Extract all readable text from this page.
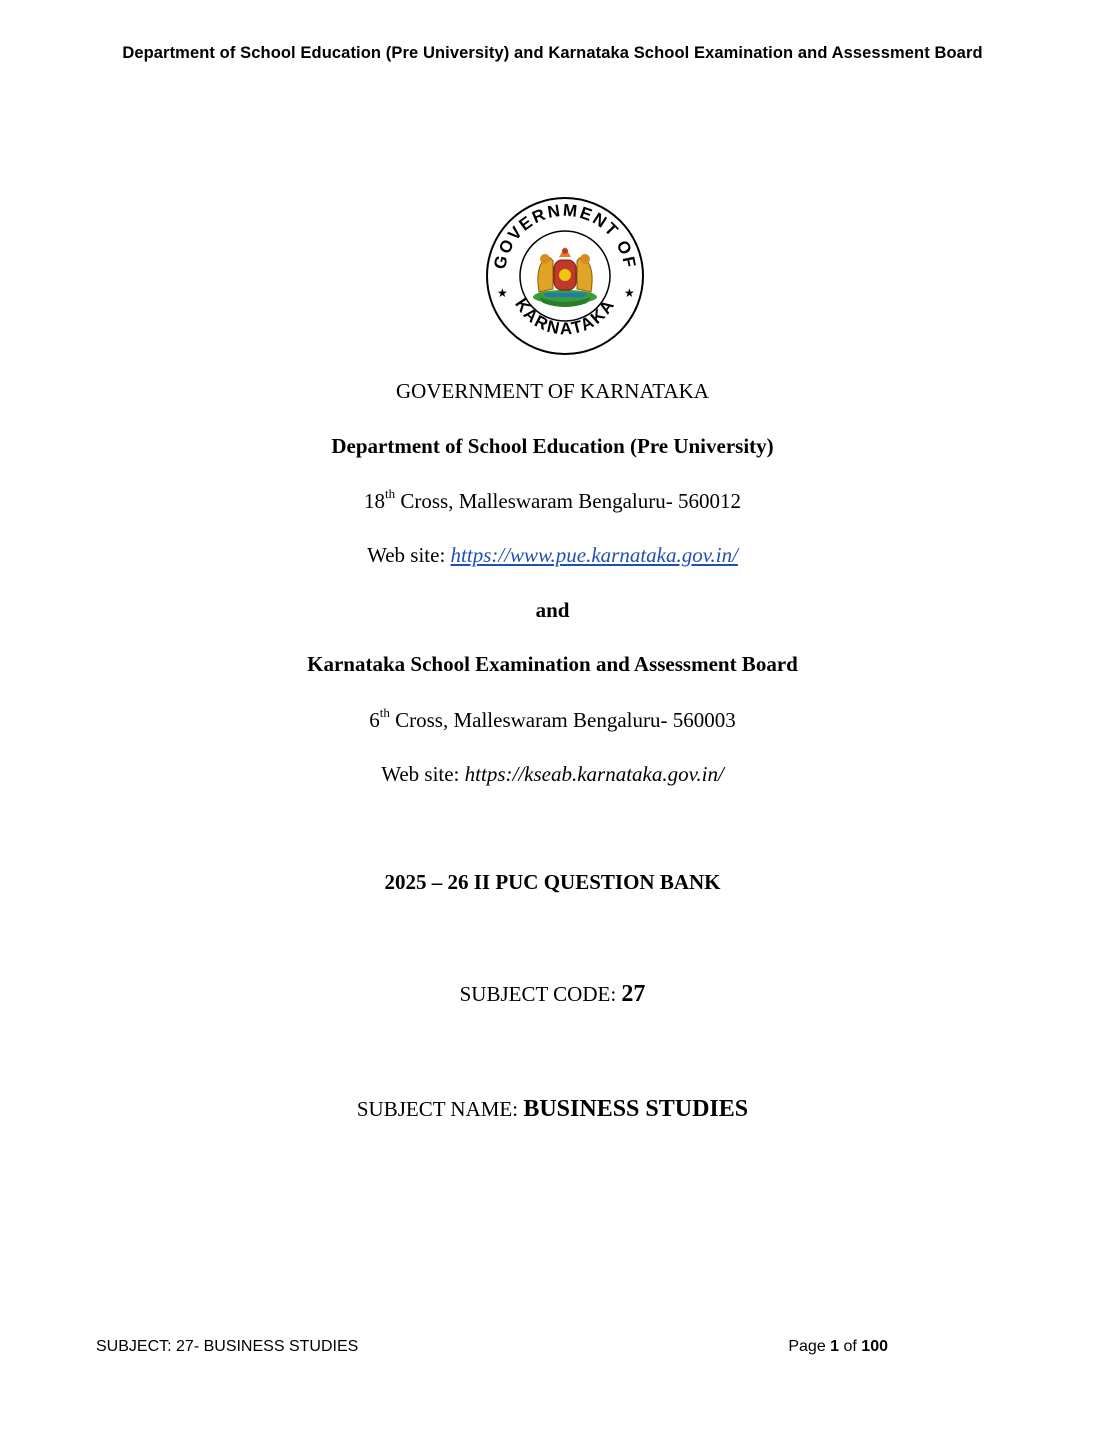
Department of School Education (Pre University) and Karnataka School Examination and Assessment Board
GOVERNMENT OF
KARNATAKA
★	★
GOVERNMENT OF KARNATAKA
Department of School Education (Pre University)
18th Cross, Malleswaram Bengaluru- 560012
Web site: https://www.pue.karnataka.gov.in/
and
Karnataka School Examination and Assessment Board
6th Cross, Malleswaram Bengaluru- 560003
Web site: https://kseab.karnataka.gov.in/
2025 – 26 II PUC QUESTION BANK
SUBJECT CODE: 27
SUBJECT NAME: BUSINESS STUDIES
SUBJECT: 27- BUSINESS STUDIES	Page 1 of 100
